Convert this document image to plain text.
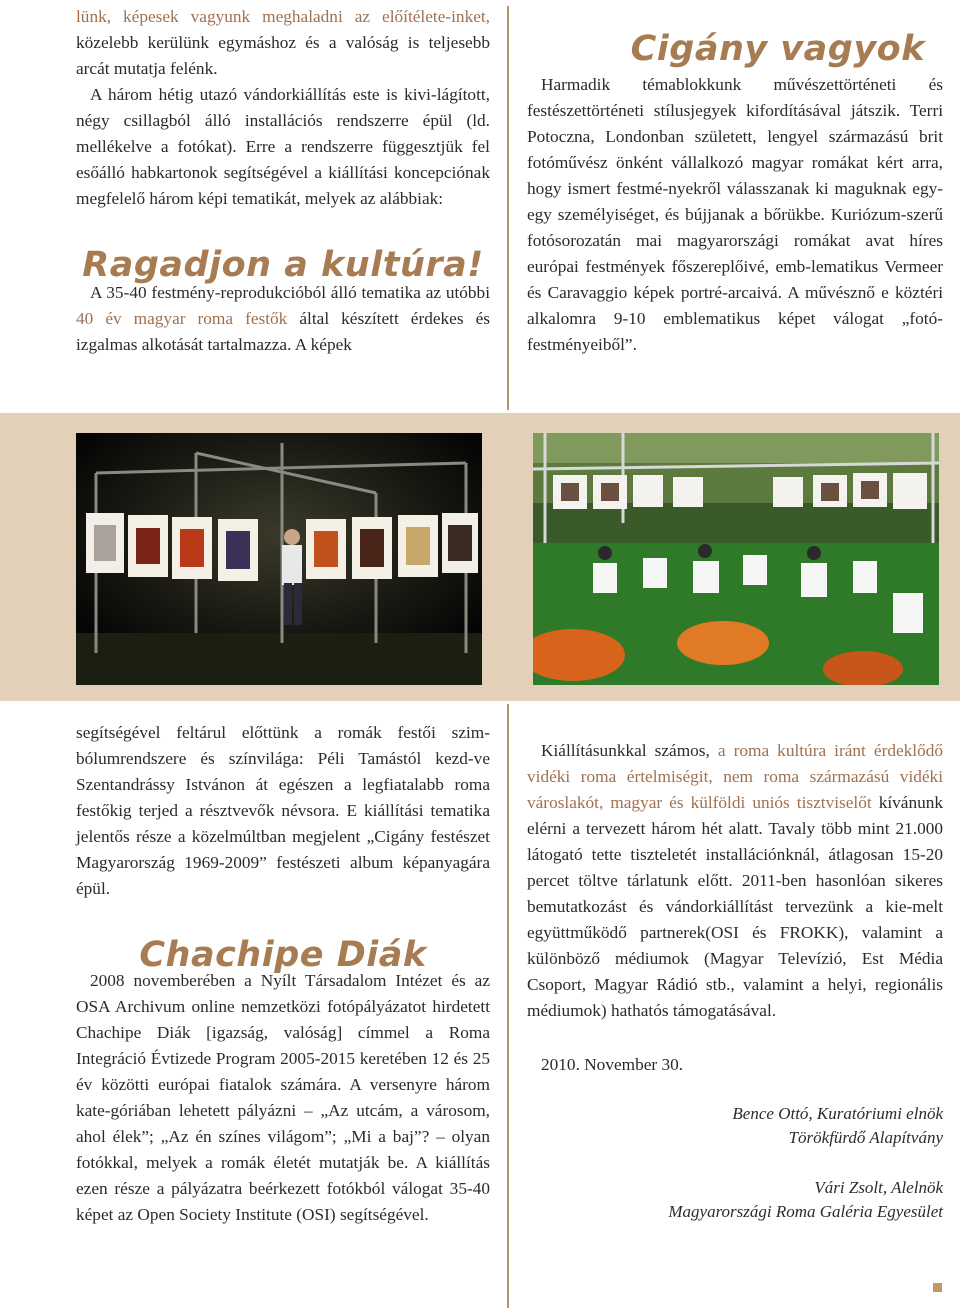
lünk, képesek vagyunk meghaladni az előítélete-inket, közelebb kerülünk egymáshoz és a valóság is teljesebb arcát mutatja felénk.

A három hétig utazó vándorkiállítás este is kivi-lágított, négy csillagból álló installációs rendszerre épül (ld. mellékelve a fotókat). Erre a rendszerre függesztjük fel esőálló habkartonok segítségével a kiállítási koncepciónak megfelelő három képi tematikát, melyek az alábbiak:

Ragadjon a kultúra!

A 35-40 festmény-reprodukcióból álló tematika az utóbbi 40 év magyar roma festők által készített érdekes és izgalmas alkotását tartalmazza. A képek

Cigány vagyok

Harmadik témablokkunk művészettörténeti és festészettörténeti stílusjegyek kifordításával játszik. Terri Potoczna, Londonban született, lengyel származású brit fotóművész önként vállalkozó magyar romákat kért arra, hogy ismert festmé-nyekről válasszanak ki maguknak egy-egy személyiséget, és bújjanak a bőrükbe. Kuriózum-szerű fotósorozatán mai magyarországi romákat avat híres európai festmények főszereplőivé, emb-lematikus Vermeer és Caravaggio képek portré-arcaivá. A művésznő e köztéri alkalomra 9-10 emblematikus képet válogat „fotó-festményeiből”.

segítségével feltárul előttünk a romák festői szim-bólumrendszere és színvilága: Péli Tamástól kezd-ve Szentandrássy Istvánon át egészen a legfiatalabb roma festőkig terjed a résztvevők névsora. E kiállítási tematika jelentős része a közelmúltban megjelent „Cigány festészet Magyarország 1969-2009” festészeti album képanyagára épül.

Chachipe Diák

2008 novemberében a Nyílt Társadalom Intézet és az OSA Archivum online nemzetközi fotópályázatot hirdetett Chachipe Diák [igazság, valóság] címmel a Roma Integráció Évtizede Program 2005-2015 keretében 12 és 25 év közötti európai fiatalok számára. A versenyre három kate-góriában lehetett pályázni – „Az utcám, a városom, ahol élek”; „Az én színes világom”; „Mi a baj”? – olyan fotókkal, melyek a romák életét mutatják be. A kiállítás ezen része a pályázatra beérkezett fotókból válogat 35-40 képet az Open Society Institute (OSI) segítségével.

Kiállításunkkal számos, a roma kultúra iránt érdeklődő vidéki roma értelmiségit, nem roma származású vidéki városlakót, magyar és külföldi uniós tisztviselőt kívánunk elérni a tervezett három hét alatt. Tavaly több mint 21.000 látogató tette tiszteletét installációnknál, átlagosan 15-20 percet töltve tárlatunk előtt. 2011-ben hasonlóan sikeres bemutatkozást és vándorkiállítást tervezünk a kie-melt együttműködő partnerek(OSI és FROKK), valamint a különböző médiumok (Magyar Televízió, Est Média Csoport, Magyar Rádió stb., valamint a helyi, regionális médiumok) hathatós támogatásával.

2010. November 30.

Bence Ottó, Kuratóriumi elnök

Törökfürdő Alapítvány

Vári Zsolt, Alelnök

Magyarországi Roma Galéria Egyesület
